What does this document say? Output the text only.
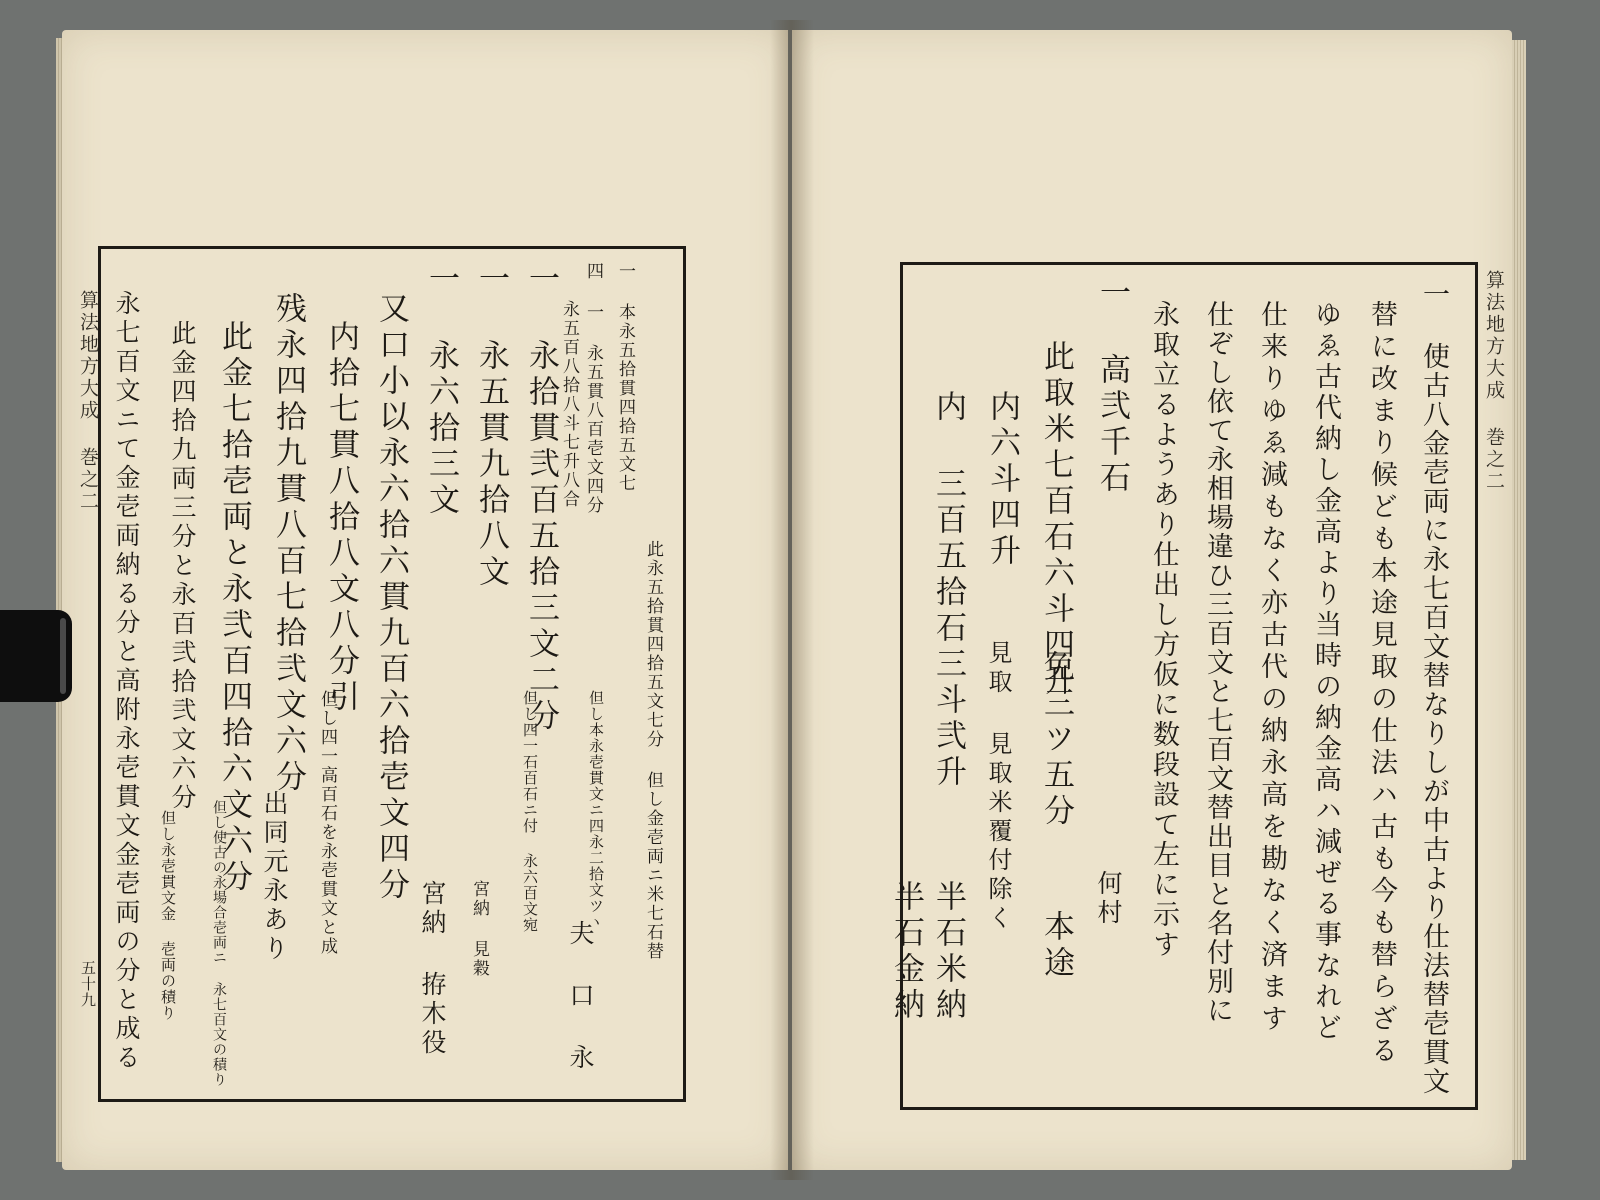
算法地方大成 巻之二
五十九
一 本永五拾貫四拾五文七
此永五拾貫四拾五文七分 但し金壱両ニ米七石替
四 一 永五貫八百壱文四分
永五百八拾八斗七升八合
一 永拾貫弐百五拾三文二分
一 永五貫九拾八文
一 永六拾三文
又口小以永六拾六貫九百六拾壱文四分
内拾七貫八拾八文八分引
残永四拾九貫八百七拾弐文六分
此金七拾壱両と永弐百四拾六文六分
此金四拾九両三分と永百弐拾弐文六分
永七百文ニて金壱両納る分と高附永壱貫文金壱両の分と成る	但し本永壱貫文ニ四永二拾文ツヽ
但し四一石百石ニ付 永六百文宛
宮納 見穀
宮納 拵木役	夫 口 永
但し四一高百石を永壱貫文と成
出同元永あり
但し使古の永場合壱両ニ 永七百文の積り
但し永壱貫文金 壱両の積り
算法地方大成 巻之二
一 使古八金壱両に永七百文替なりしが中古より仕法替壱貫文
替に改まり候ども本途見取の仕法ハ古も今も替らざる
ゆゑ古代納し金高より当時の納金高ハ減ぜる事なれど
仕来りゆゑ減もなく亦古代の納永高を勘なく済ます
仕ぞし依て永相場違ひ三百文と七百文替出目と名付別に
永取立るようあり仕出し方仮に数段設て左に示す
一 高弐千石
此取米七百石六斗四升
内六斗四升
内 三百五拾石三斗弐升
何村
本途
免三ツ五分
見取 見取米覆付除く
半石米納
半石金納
